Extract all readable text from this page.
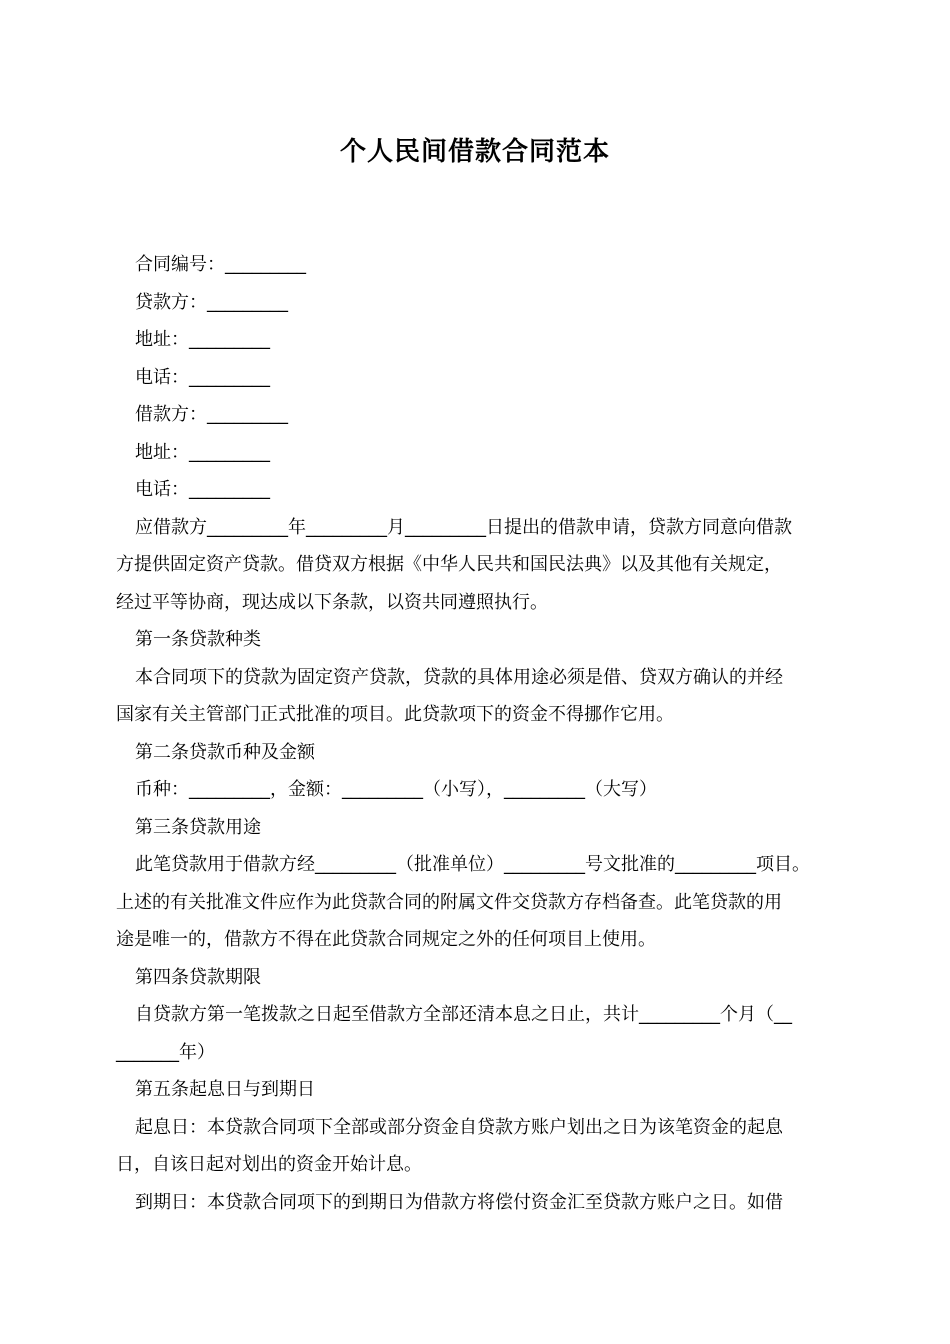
个人民间借款合同范本
合同编号：_________
贷款方：_________
地址：_________
电话：_________
借款方：_________
地址：_________
电话：_________
应借款方_________年_________月_________日提出的借款申请，贷款方同意向借款
方提供固定资产贷款。借贷双方根据《中华人民共和国民法典》以及其他有关规定，
经过平等协商，现达成以下条款，以资共同遵照执行。
第一条贷款种类
本合同项下的贷款为固定资产贷款，贷款的具体用途必须是借、贷双方确认的并经
国家有关主管部门正式批准的项目。此贷款项下的资金不得挪作它用。
第二条贷款币种及金额
币种：_________，金额：_________（小写），_________（大写）
第三条贷款用途
此笔贷款用于借款方经_________（批准单位）_________号文批准的_________项目。
上述的有关批准文件应作为此贷款合同的附属文件交贷款方存档备查。此笔贷款的用
途是唯一的，借款方不得在此贷款合同规定之外的任何项目上使用。
第四条贷款期限
自贷款方第一笔拨款之日起至借款方全部还清本息之日止，共计_________个月（__
_______年）
第五条起息日与到期日
起息日：本贷款合同项下全部或部分资金自贷款方账户划出之日为该笔资金的起息
日，自该日起对划出的资金开始计息。
到期日：本贷款合同项下的到期日为借款方将偿付资金汇至贷款方账户之日。如借
